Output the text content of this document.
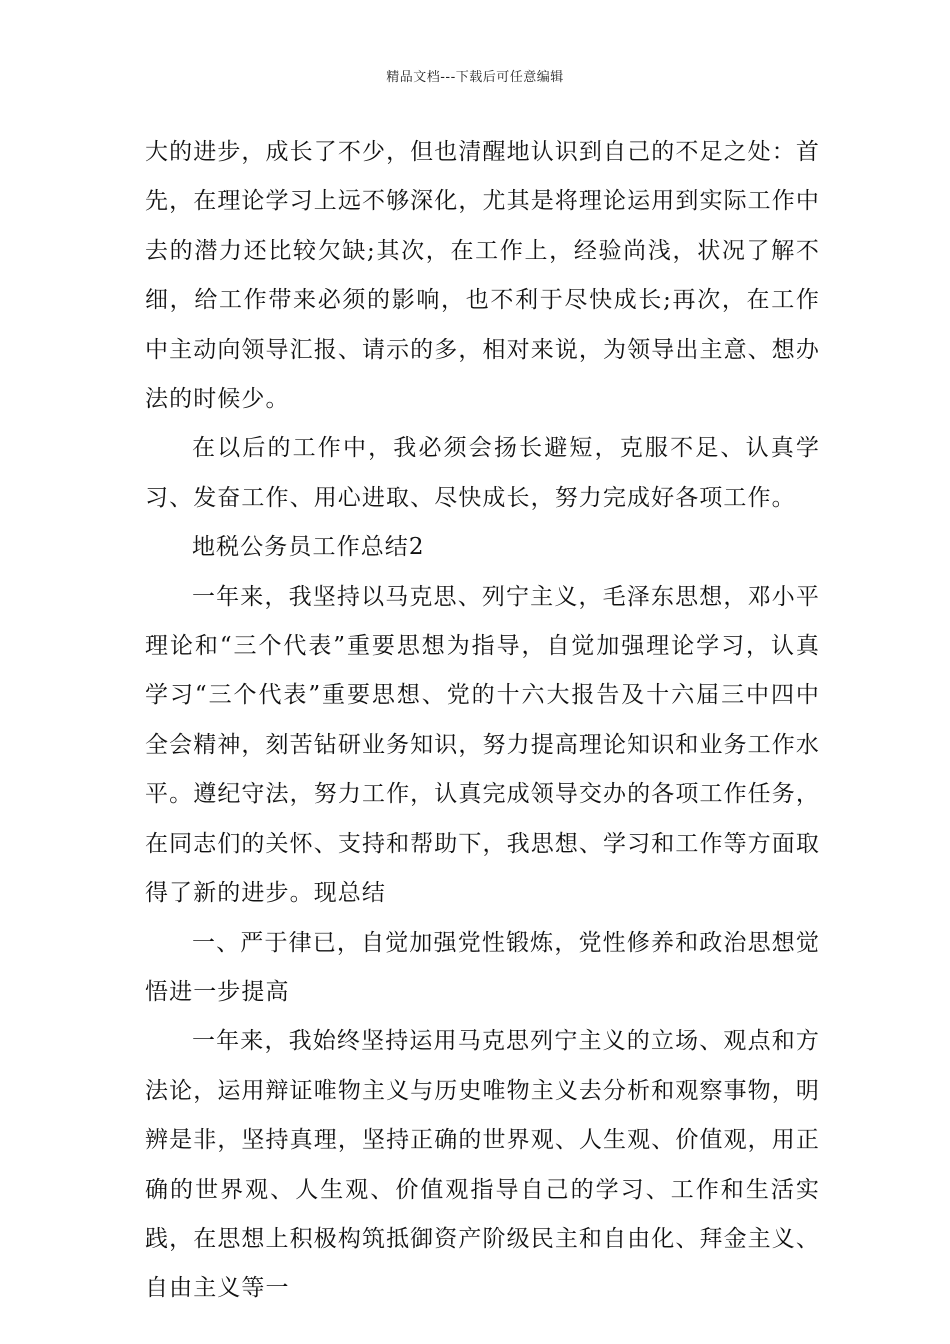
精品文档---下载后可任意编辑

大的进步，成长了不少，但也清醒地认识到自己的不足之处：首先，在理论学习上远不够深化，尤其是将理论运用到实际工作中去的潜力还比较欠缺;其次，在工作上，经验尚浅，状况了解不细，给工作带来必须的影响，也不利于尽快成长;再次，在工作中主动向领导汇报、请示的多，相对来说，为领导出主意、想办法的时候少。

在以后的工作中，我必须会扬长避短，克服不足、认真学习、发奋工作、用心进取、尽快成长，努力完成好各项工作。

地税公务员工作总结2

一年来，我坚持以马克思、列宁主义，毛泽东思想，邓小平理论和“三个代表”重要思想为指导，自觉加强理论学习，认真学习“三个代表”重要思想、党的十六大报告及十六届三中四中全会精神，刻苦钻研业务知识，努力提高理论知识和业务工作水平。遵纪守法，努力工作，认真完成领导交办的各项工作任务，在同志们的关怀、支持和帮助下，我思想、学习和工作等方面取得了新的进步。现总结

一、严于律已，自觉加强党性锻炼，党性修养和政治思想觉悟进一步提高

一年来，我始终坚持运用马克思列宁主义的立场、观点和方法论，运用辩证唯物主义与历史唯物主义去分析和观察事物，明辨是非，坚持真理，坚持正确的世界观、人生观、价值观，用正确的世界观、人生观、价值观指导自己的学习、工作和生活实践，在思想上积极构筑抵御资产阶级民主和自由化、拜金主义、自由主义等一
